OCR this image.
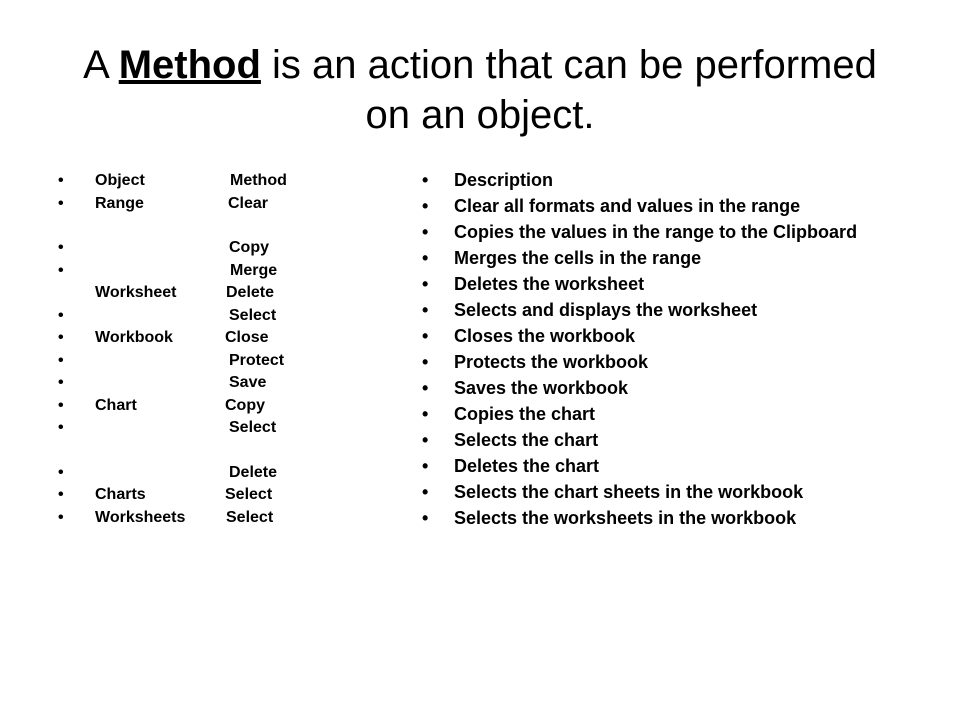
A Method is an action that can be performed on an object.
• Object	Method
• Range	Clear
•	Copy
•	Merge
Worksheet	Delete
•	Select
• Workbook	Close
•	Protect
•	Save
• Chart	Copy
•	Select
•	Delete
• Charts	Select
• Worksheets	Select
• Description
• Clear all formats and values in the range
• Copies the values in the range to the Clipboard
• Merges the cells in the range
• Deletes the worksheet
• Selects and displays the worksheet
• Closes the workbook
• Protects the workbook
• Saves the workbook
• Copies the chart
• Selects the chart
• Deletes the chart
• Selects the chart sheets in the workbook
• Selects the worksheets in the workbook
